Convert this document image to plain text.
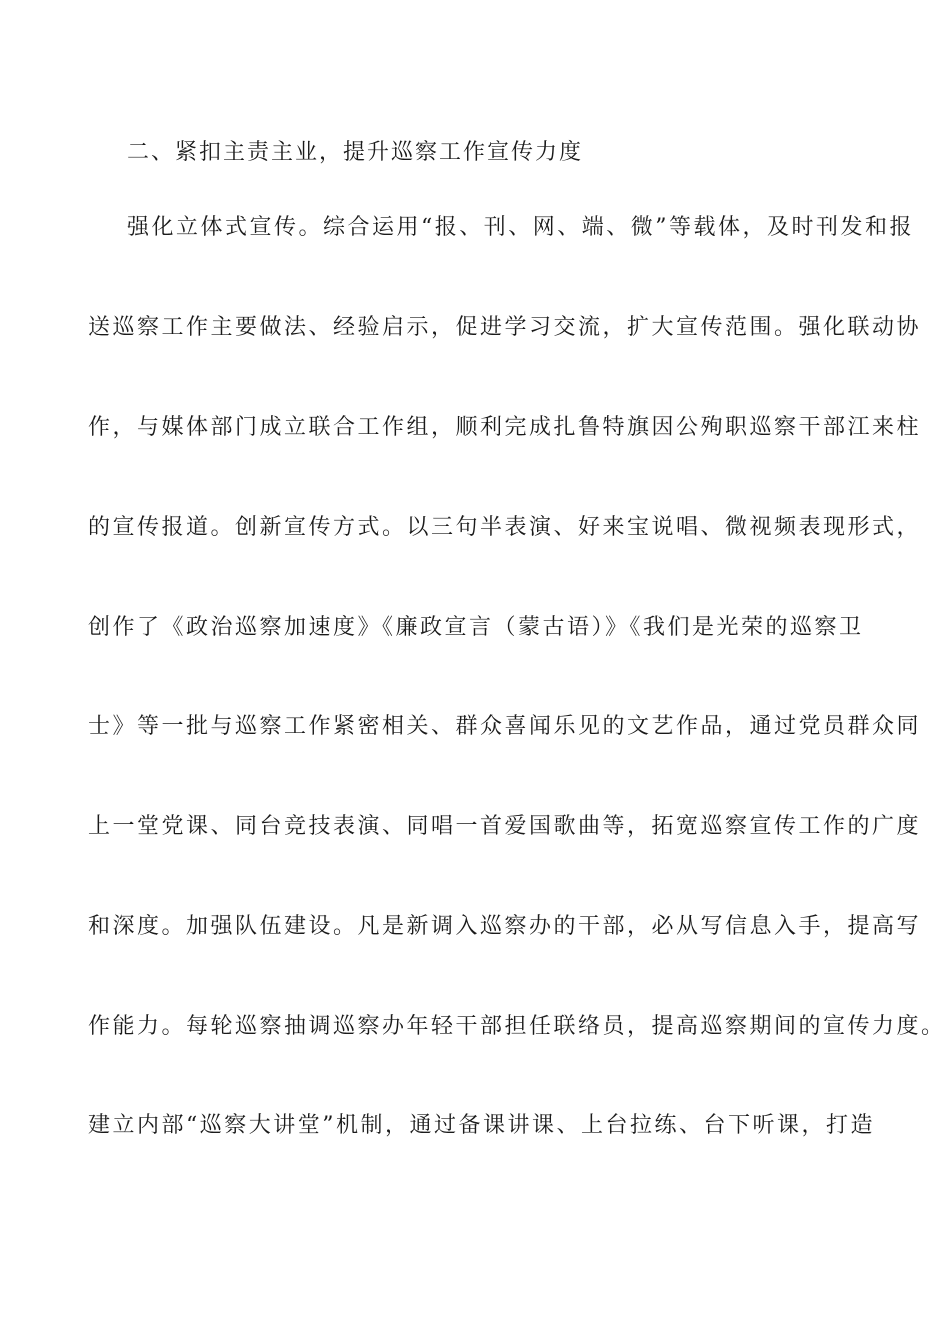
二、紧扣主责主业，提升巡察工作宣传力度
强化立体式宣传。综合运用“报、刊、网、端、微”等载体，及时刊发和报
送巡察工作主要做法、经验启示，促进学习交流，扩大宣传范围。强化联动协
作，与媒体部门成立联合工作组，顺利完成扎鲁特旗因公殉职巡察干部江来柱
的宣传报道。创新宣传方式。以三句半表演、好来宝说唱、微视频表现形式，
创作了《政治巡察加速度》《廉政宣言（蒙古语）》《我们是光荣的巡察卫
士》等一批与巡察工作紧密相关、群众喜闻乐见的文艺作品，通过党员群众同
上一堂党课、同台竞技表演、同唱一首爱国歌曲等，拓宽巡察宣传工作的广度
和深度。加强队伍建设。凡是新调入巡察办的干部，必从写信息入手，提高写
作能力。每轮巡察抽调巡察办年轻干部担任联络员，提高巡察期间的宣传力度。
建立内部“巡察大讲堂”机制，通过备课讲课、上台拉练、台下听课，打造
